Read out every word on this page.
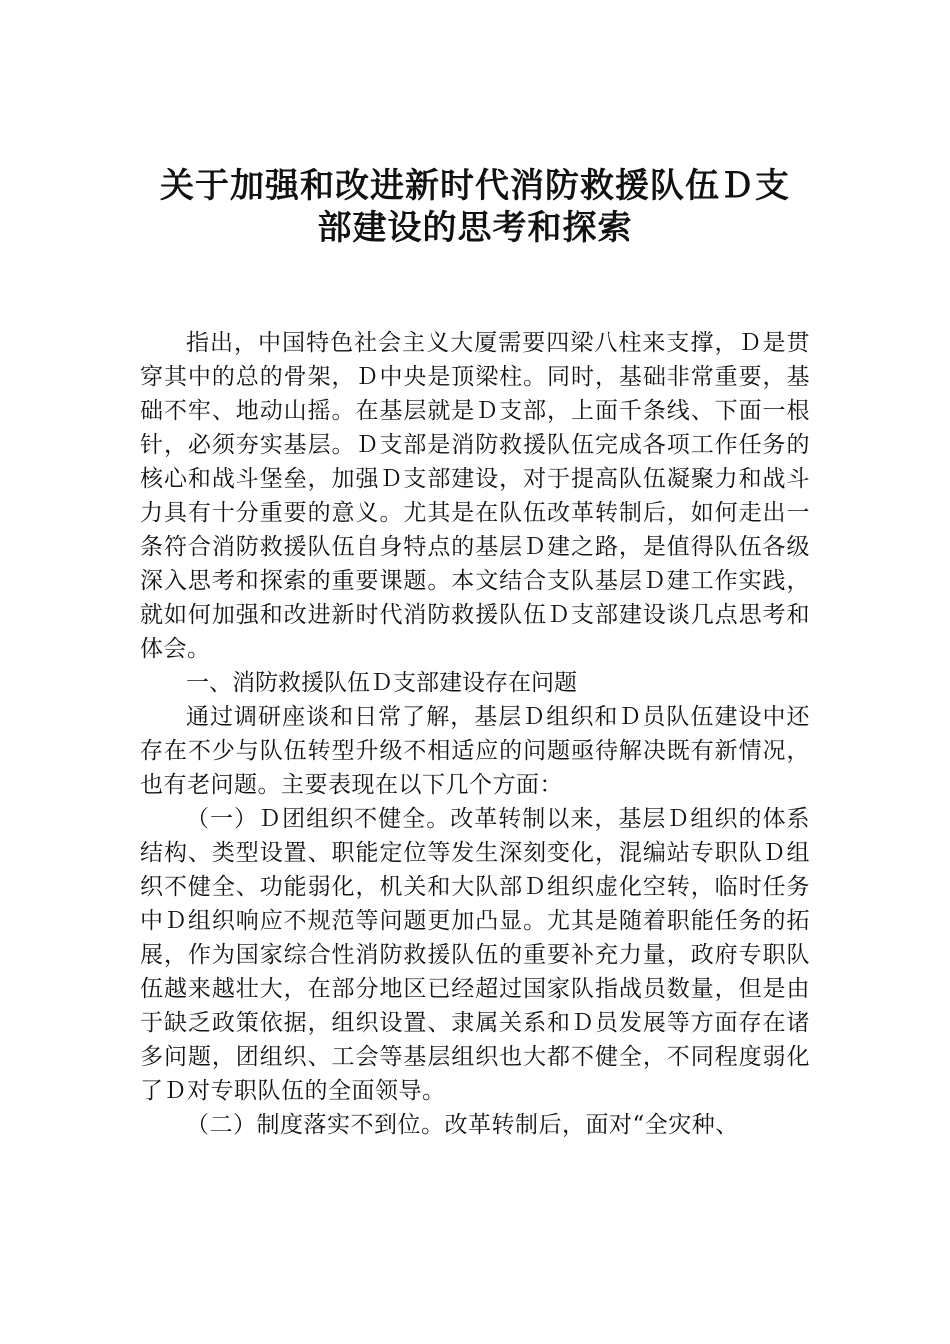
关于加强和改进新时代消防救援队伍Ｄ支
部建设的思考和探索

指出，中国特色社会主义大厦需要四梁八柱来支撑，Ｄ是贯穿其中的总的骨架，Ｄ中央是顶梁柱。同时，基础非常重要，基础不牢、地动山摇。在基层就是Ｄ支部，上面千条线、下面一根针，必须夯实基层。Ｄ支部是消防救援队伍完成各项工作任务的核心和战斗堡垒，加强Ｄ支部建设，对于提高队伍凝聚力和战斗力具有十分重要的意义。尤其是在队伍改革转制后，如何走出一条符合消防救援队伍自身特点的基层Ｄ建之路，是值得队伍各级深入思考和探索的重要课题。本文结合支队基层Ｄ建工作实践，就如何加强和改进新时代消防救援队伍Ｄ支部建设谈几点思考和体会。

一、消防救援队伍Ｄ支部建设存在问题

通过调研座谈和日常了解，基层Ｄ组织和Ｄ员队伍建设中还存在不少与队伍转型升级不相适应的问题亟待解决既有新情况，也有老问题。主要表现在以下几个方面：

（一）Ｄ团组织不健全。改革转制以来，基层Ｄ组织的体系结构、类型设置、职能定位等发生深刻变化，混编站专职队Ｄ组织不健全、功能弱化，机关和大队部Ｄ组织虚化空转，临时任务中Ｄ组织响应不规范等问题更加凸显。尤其是随着职能任务的拓展，作为国家综合性消防救援队伍的重要补充力量，政府专职队伍越来越壮大，在部分地区已经超过国家队指战员数量，但是由于缺乏政策依据，组织设置、隶属关系和Ｄ员发展等方面存在诸多问题，团组织、工会等基层组织也大都不健全，不同程度弱化了Ｄ对专职队伍的全面领导。

（二）制度落实不到位。改革转制后，面对“全灾种、
